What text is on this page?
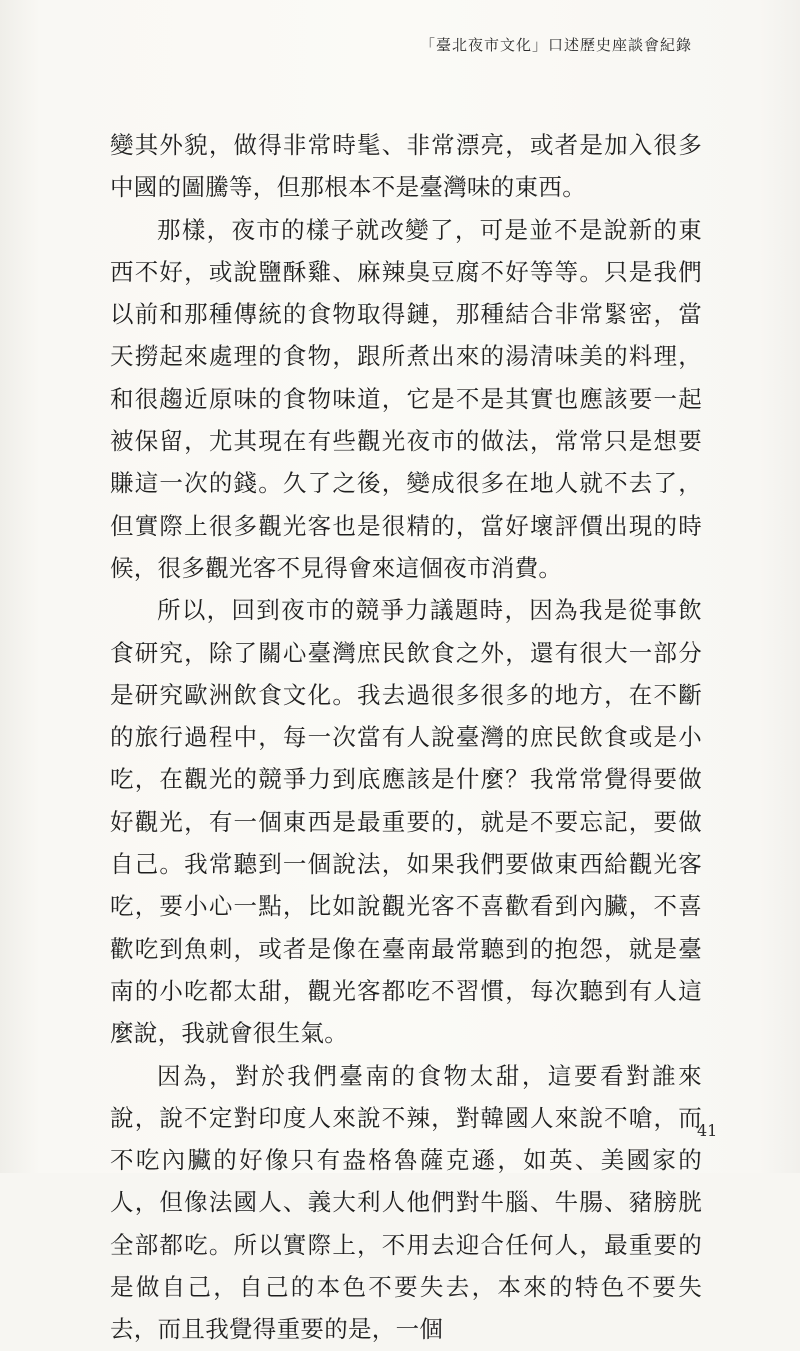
「臺北夜市文化」口述歷史座談會紀錄

變其外貌，做得非常時髦、非常漂亮，或者是加入很多中國的圖騰等，但那根本不是臺灣味的東西。

那樣，夜市的樣子就改變了，可是並不是說新的東西不好，或說鹽酥雞、麻辣臭豆腐不好等等。只是我們以前和那種傳統的食物取得鏈，那種結合非常緊密，當天撈起來處理的食物，跟所煮出來的湯清味美的料理，和很趨近原味的食物味道，它是不是其實也應該要一起被保留，尤其現在有些觀光夜市的做法，常常只是想要賺這一次的錢。久了之後，變成很多在地人就不去了，但實際上很多觀光客也是很精的，當好壞評價出現的時候，很多觀光客不見得會來這個夜市消費。

所以，回到夜市的競爭力議題時，因為我是從事飲食研究，除了關心臺灣庶民飲食之外，還有很大一部分是研究歐洲飲食文化。我去過很多很多的地方，在不斷的旅行過程中，每一次當有人說臺灣的庶民飲食或是小吃，在觀光的競爭力到底應該是什麼？我常常覺得要做好觀光，有一個東西是最重要的，就是不要忘記，要做自己。我常聽到一個說法，如果我們要做東西給觀光客吃，要小心一點，比如說觀光客不喜歡看到內臟，不喜歡吃到魚刺，或者是像在臺南最常聽到的抱怨，就是臺南的小吃都太甜，觀光客都吃不習慣，每次聽到有人這麼說，我就會很生氣。

因為，對於我們臺南的食物太甜，這要看對誰來說，說不定對印度人來說不辣，對韓國人來說不嗆，而不吃內臟的好像只有盎格魯薩克遜，如英、美國家的人，但像法國人、義大利人他們對牛腦、牛腸、豬膀胱全部都吃。所以實際上，不用去迎合任何人，最重要的是做自己，自己的本色不要失去，本來的特色不要失去，而且我覺得重要的是，一個

41
